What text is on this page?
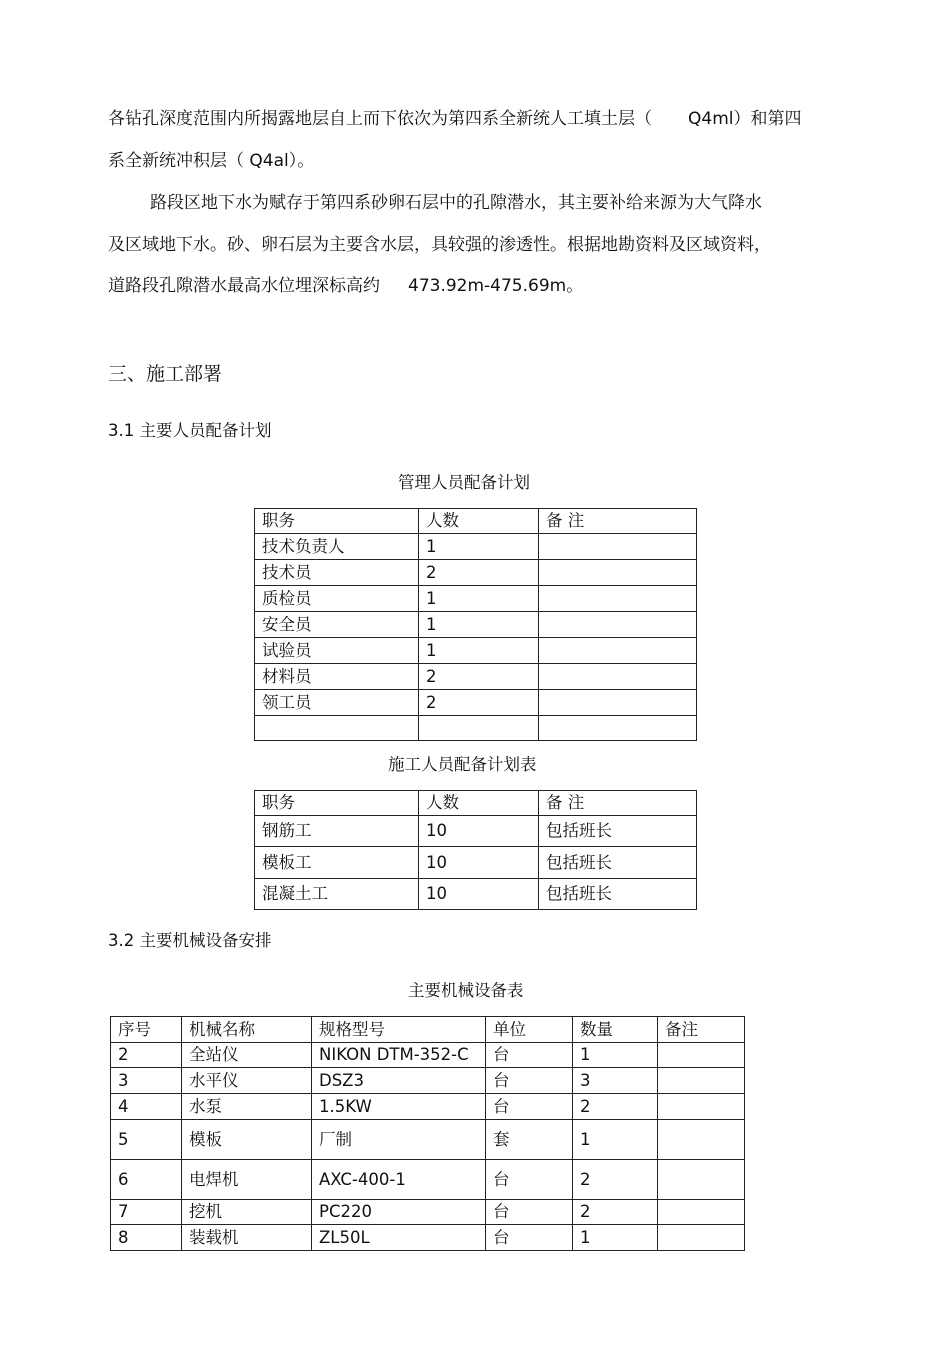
各钻孔深度范围内所揭露地层自上而下依次为第四系全新统人工填土层（ Q4ml）和第四
系全新统冲积层（ Q4al）。
路段区地下水为赋存于第四系砂卵石层中的孔隙潜水，其主要补给来源为大气降水
及区域地下水。砂、卵石层为主要含水层，具较强的渗透性。根据地勘资料及区域资料，
道路段孔隙潜水最高水位埋深标高约 473.92m-475.69m。
三、施工部署
3.1 主要人员配备计划
管理人员配备计划
职务	人数	备 注
技术负责人	1	
技术员	2	
质检员	1	
安全员	1	
试验员	1	
材料员	2	
领工员	2	

施工人员配备计划表
职务	人数	备 注
钢筋工	10	包括班长
模板工	10	包括班长
混凝土工	10	包括班长
3.2 主要机械设备安排
主要机械设备表
序号	机械名称	规格型号	单位	数量	备注
2	全站仪	NIKON DTM-352-C	台	1	
3	水平仪	DSZ3	台	3	
4	水泵	1.5KW	台	2	
5	模板	厂制	套	1	
6	电焊机	AXC-400-1	台	2	
7	挖机	PC220	台	2	
8	装载机	ZL50L	台	1	
